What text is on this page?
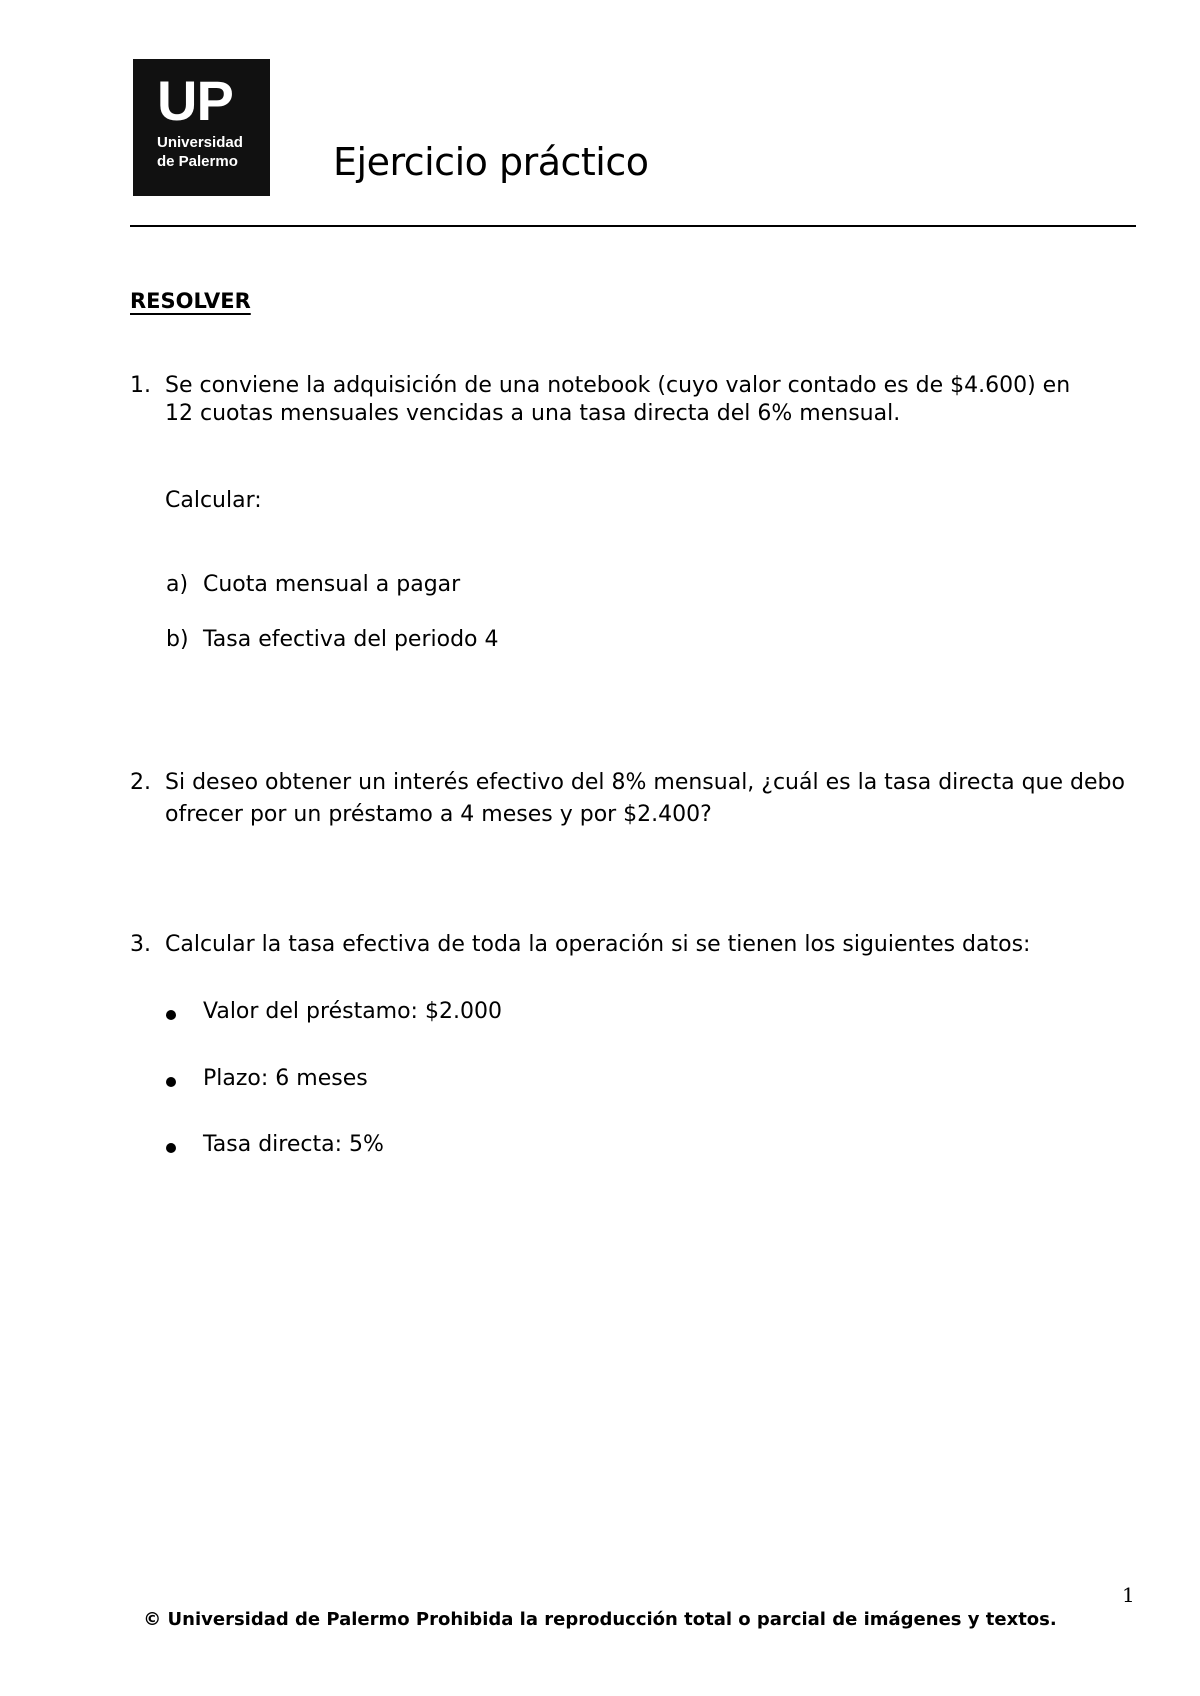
UP
Universidad
de Palermo	Ejercicio práctico
RESOLVER
1. Se conviene la adquisición de una notebook (cuyo valor contado es de $4.600) en
12 cuotas mensuales vencidas a una tasa directa del 6% mensual.
Calcular:
a) Cuota mensual a pagar
b) Tasa efectiva del periodo 4
2. Si deseo obtener un interés efectivo del 8% mensual, ¿cuál es la tasa directa que debo
ofrecer por un préstamo a 4 meses y por $2.400?
3. Calcular la tasa efectiva de toda la operación si se tienen los siguientes datos:
Valor del préstamo: $2.000
Plazo: 6 meses
Tasa directa: 5%
1
© Universidad de Palermo Prohibida la reproducción total o parcial de imágenes y textos.
